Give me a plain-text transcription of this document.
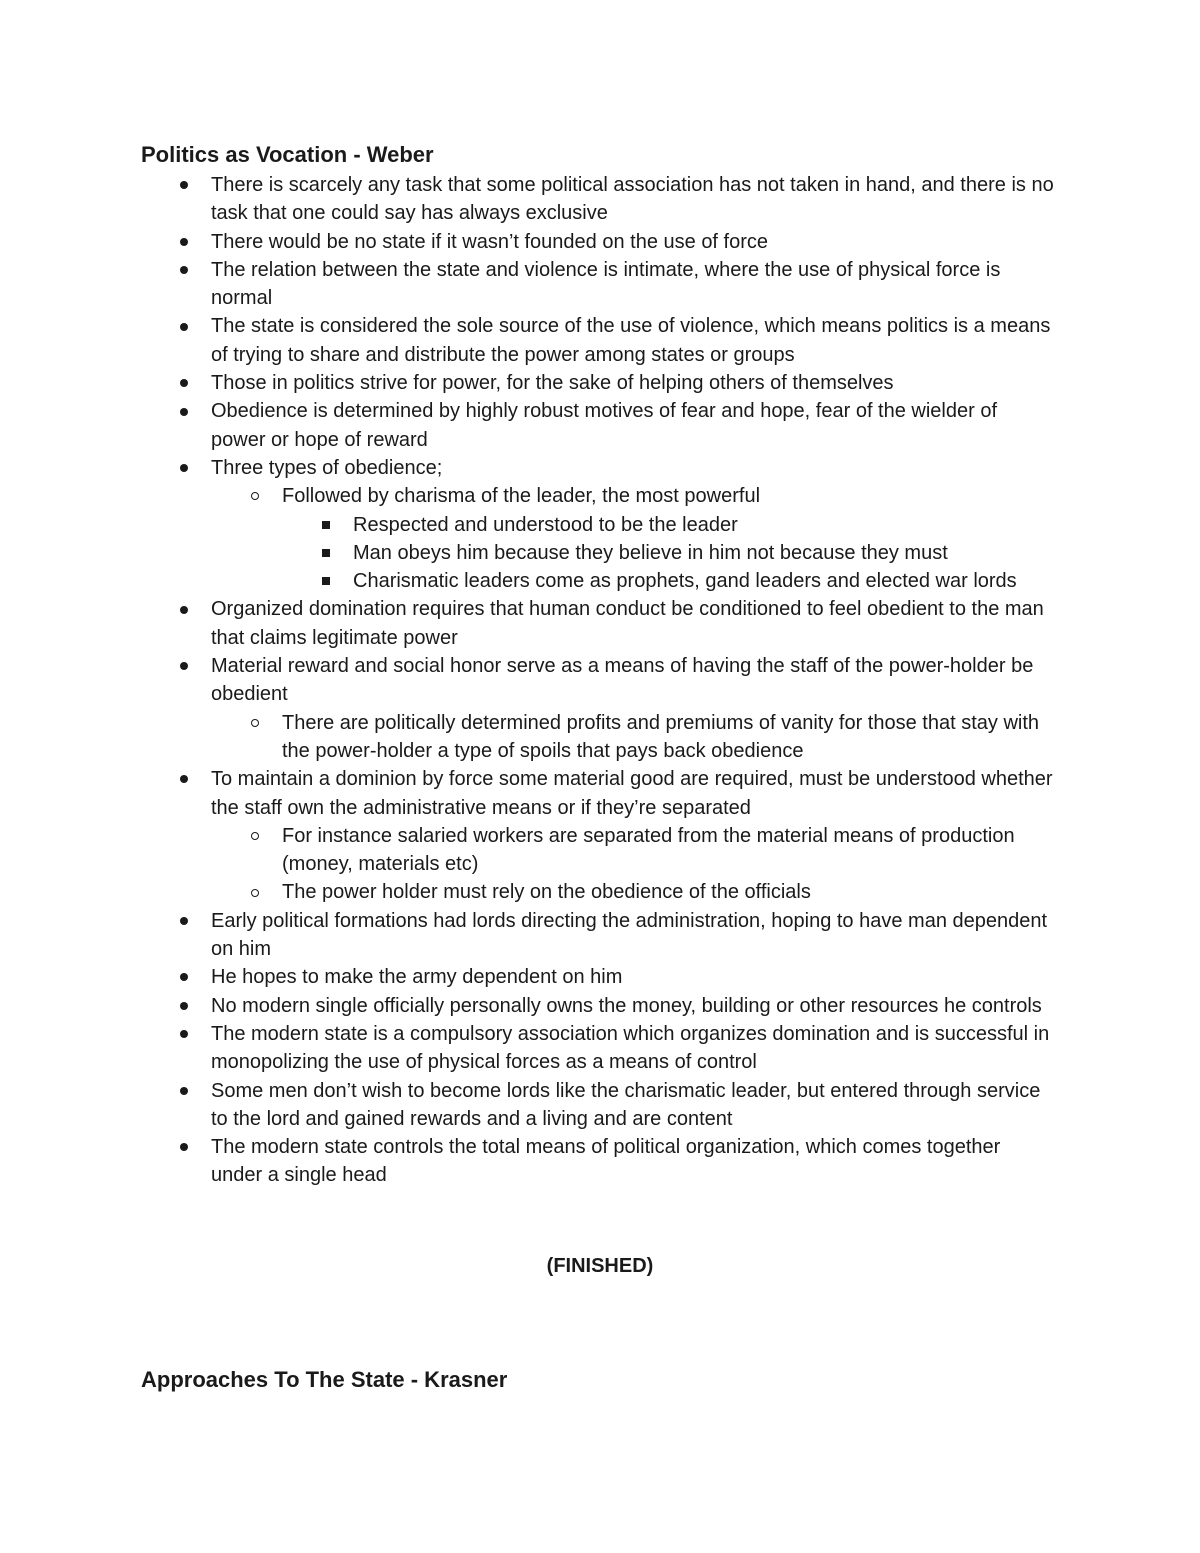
Politics as Vocation - Weber
There is scarcely any task that some political association has not taken in hand, and there is no task that one could say has always exclusive
There would be no state if it wasn’t founded on the use of force
The relation between the state and violence is intimate, where the use of physical force is normal
The state is considered the sole source of the use of violence, which means politics is a means of trying to share and distribute the power among states or groups
Those in politics strive for power, for the sake of helping others of themselves
Obedience is determined by highly robust motives of fear and hope, fear of the wielder of power or hope of reward
Three types of obedience;
Followed by charisma of the leader, the most powerful
Respected and understood to be the leader
Man obeys him because they believe in him not because they must
Charismatic leaders come as prophets, gand leaders and elected war lords
Organized domination requires that human conduct be conditioned to feel obedient to the man that claims legitimate power
Material reward and social honor serve as a means of having the staff of the power-holder be obedient
There are politically determined profits and premiums of vanity for those that stay with the power-holder a type of spoils that pays back obedience
To maintain a dominion by force some material good are required, must be understood whether the staff own the administrative means or if they’re separated
For instance salaried workers are separated from the material means of production (money, materials etc)
The power holder must rely on the obedience of the officials
Early political formations had lords directing the administration, hoping to have man dependent on him
He hopes to make the army dependent on him
No modern single officially personally owns the money, building or other resources he controls
The modern state is a compulsory association which organizes domination and is successful in monopolizing the use of physical forces as a means of control
Some men don’t wish to become lords like the charismatic leader, but entered through service to the lord and gained rewards and a living and are content
The modern state controls the total means of political organization, which comes together under a single head
(FINISHED)
Approaches To The State - Krasner
